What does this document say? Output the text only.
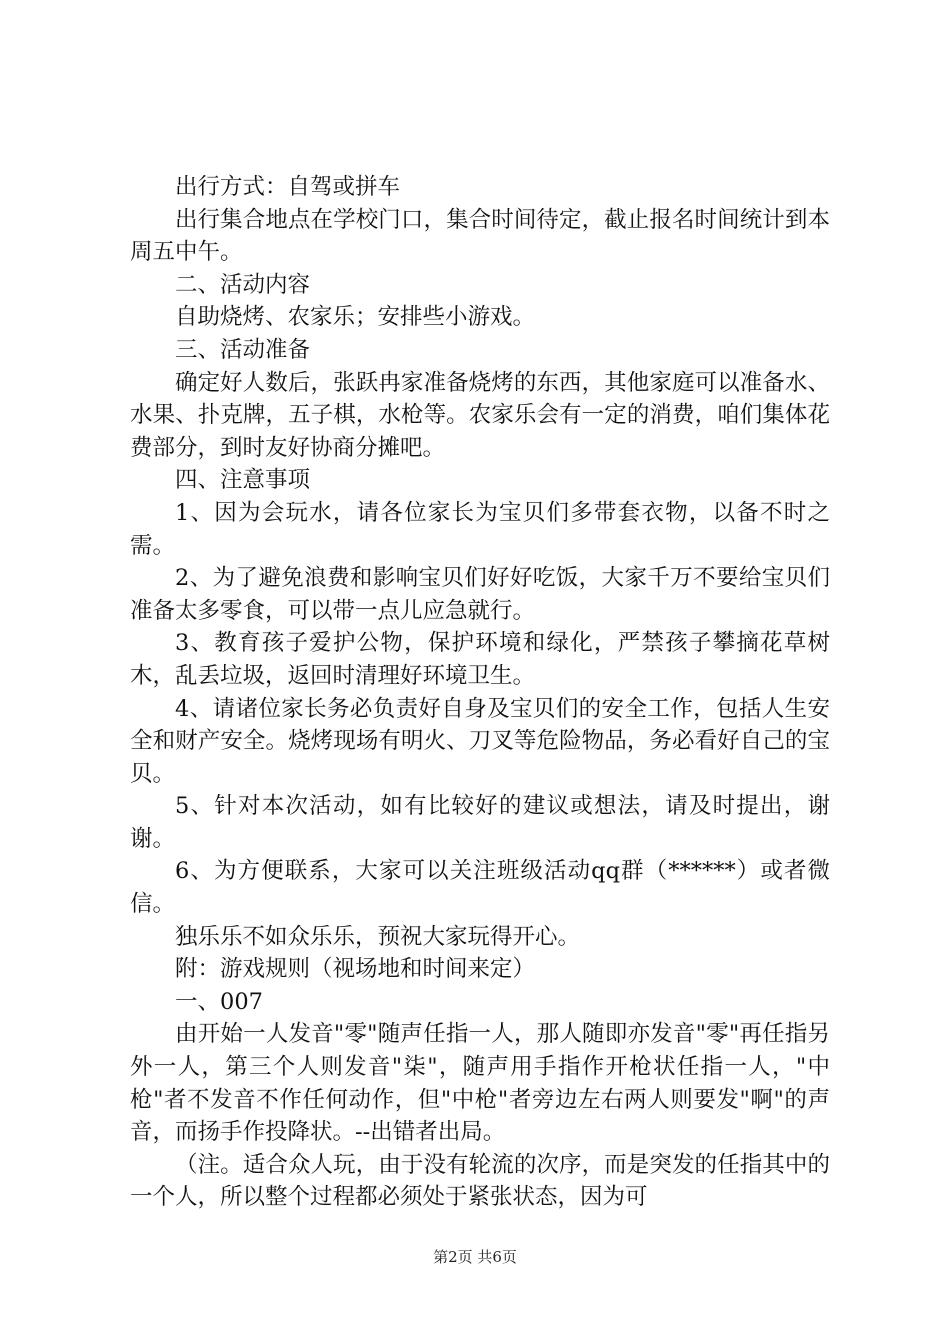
出行方式：自驾或拼车

出行集合地点在学校门口，集合时间待定，截止报名时间统计到本周五中午。

二、活动内容

自助烧烤、农家乐；安排些小游戏。

三、活动准备

确定好人数后，张跃冉家准备烧烤的东西，其他家庭可以准备水、水果、扑克牌，五子棋，水枪等。农家乐会有一定的消费，咱们集体花费部分，到时友好协商分摊吧。

四、注意事项

1、因为会玩水，请各位家长为宝贝们多带套衣物，以备不时之需。

2、为了避免浪费和影响宝贝们好好吃饭，大家千万不要给宝贝们准备太多零食，可以带一点儿应急就行。

3、教育孩子爱护公物，保护环境和绿化，严禁孩子攀摘花草树木，乱丢垃圾，返回时清理好环境卫生。

4、请诸位家长务必负责好自身及宝贝们的安全工作，包括人生安全和财产安全。烧烤现场有明火、刀叉等危险物品，务必看好自己的宝贝。

5、针对本次活动，如有比较好的建议或想法，请及时提出，谢谢。

6、为方便联系，大家可以关注班级活动qq群（******）或者微信。

独乐乐不如众乐乐，预祝大家玩得开心。

附：游戏规则（视场地和时间来定）

一、007

由开始一人发音"零"随声任指一人，那人随即亦发音"零"再任指另外一人，第三个人则发音"柒"，随声用手指作开枪状任指一人，"中枪"者不发音不作任何动作，但"中枪"者旁边左右两人则要发"啊"的声音，而扬手作投降状。--出错者出局。

（注。适合众人玩，由于没有轮流的次序，而是突发的任指其中的一个人，所以整个过程都必须处于紧张状态，因为可

第2页 共6页
